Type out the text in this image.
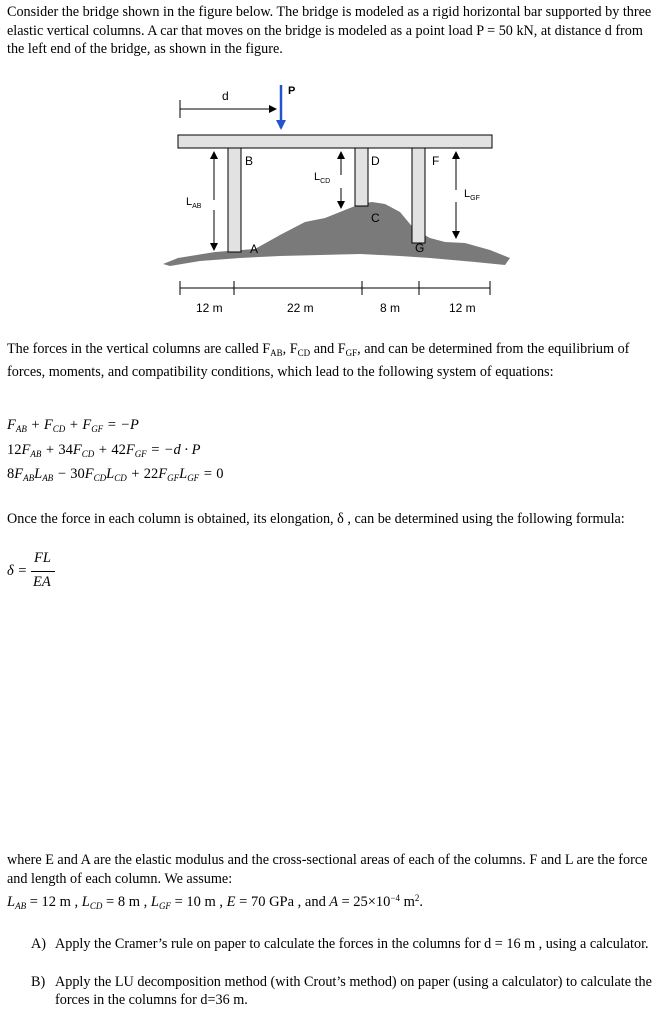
Consider the bridge shown in the figure below. The bridge is modeled as a rigid horizontal bar supported by three elastic vertical columns. A car that moves on the bridge is modeled as a point load P = 50 kN, at distance d from the left end of the bridge, as shown in the figure.
d	P
$L_{AB}$
$L_{CD}$
$L_{GF}$
B	D	F
A
C
G
12 m	22 m	8 m	12 m
The forces in the vertical columns are called $F_{AB}$, $F_{CD}$ and $F_{GF}$, and can be determined from the equilibrium of forces, moments, and compatibility conditions, which lead to the following system of equations:
$F_{AB} + F_{CD} + F_{GF} = -P$
$12F_{AB} + 34F_{CD} + 42F_{GF} = -d \cdot P$
$8F_{AB}L_{AB} - 30F_{CD}L_{CD} + 22F_{GF}L_{GF} = 0$
Once the force in each column is obtained, its elongation, δ , can be determined using the following formula:
δ =
FL
EA
where E and A are the elastic modulus and the cross-sectional areas of each of the columns. F and L are the force and length of each column. We assume:
$L_{AB} = 12$ m , $L_{CD} = 8$ m , $L_{GF} = 10$ m , E = 70 GPa , and $A = 25\times 10^{-4}$ $m^2$.
A) Apply the Cramer’s rule on paper to calculate the forces in the columns for d = 16 m , using a calculator.
B) Apply the LU decomposition method (with Crout’s method) on paper (using a calculator) to calculate the forces in the columns for d=36 m.
